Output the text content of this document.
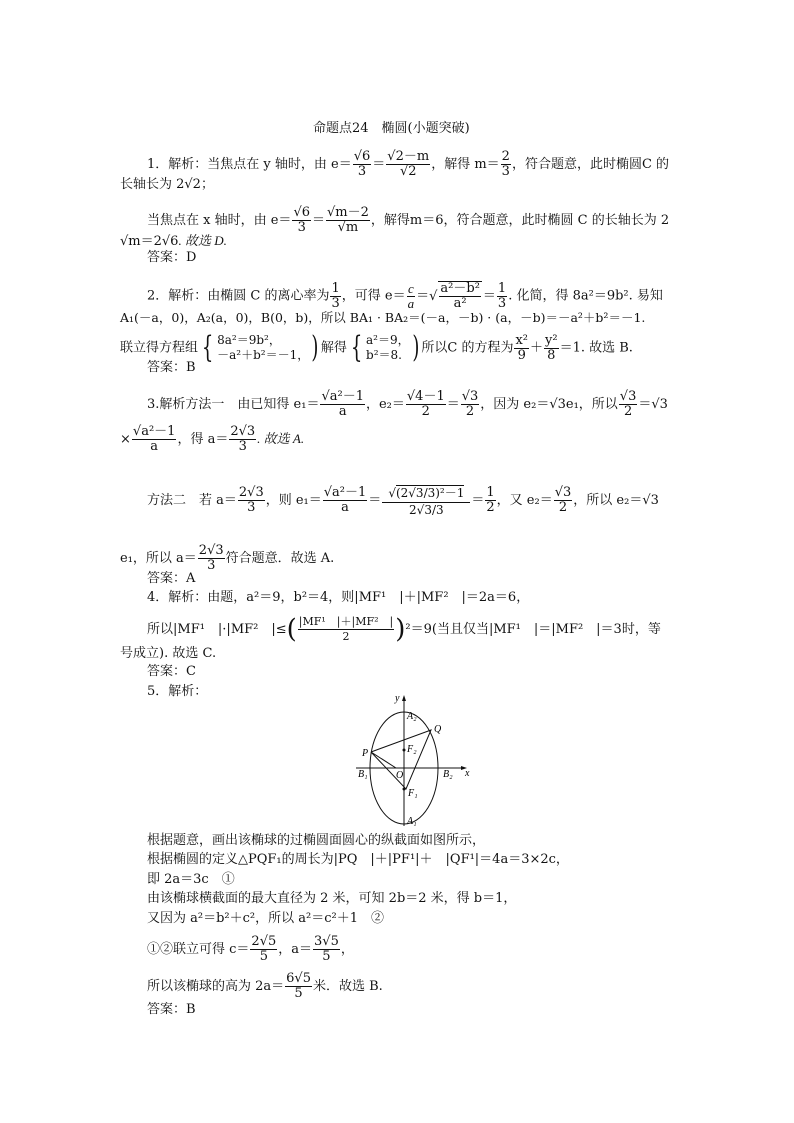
命题点24　椭圆(小题突破)
1．解析：当焦点在 y 轴时，由 $e= \frac{√6}{3} = \frac{√2-m}{√2}$ ，解得 $m= \frac{2}{3}$ ，符合题意，此时椭圆C 的
长轴长为 2√2；
当焦点在 x 轴时，由 $e= \frac{√6}{3} = \frac{√m-2}{√m}$ ，解得m＝6，符合题意，此时椭圆 C 的长轴长为 2
√m＝2√6. 故选 D.
答案：D
2．解析：由椭圆 C 的离心率为 $\frac{1}{3}$ ，可得 $e= \frac{c}{a}$ ＝√ $\frac{\text{a²－b²}}{\text{a²}} = \frac{1}{3}$ . 化简，得 8a²＝9b². 易知
A₁(－a，0)，A₂(a，0)，B(0，b)，所以 BA₁ · BA₂＝(－a，－b) · (a，－b)＝－a²＋b²＝－1.
联立得方程组 { 8a²＝9b²，
－a²＋b²＝－1， ) 解得 { a²＝9，
b²＝8. ) 所以C 的方程为 $\frac{\text{x²}}{9} + \frac{\text{y²}}{8} =1$. 故选 B.
答案：B
3.解析方法一　由已知得 $e_1= \frac{\text{√a²－1}}{a}$ ，$e_2= \frac{√4-1}{2} = \frac{√3}{2}$ ，因为 e₂＝√3e₁，所以 $\frac{√3}{2} =√3$
× $\frac{\text{√a²－1}}{a}$ ，得 $a= \frac{2√3}{3}$ . 故选 A.
方法二　若 $a= \frac{2√3}{3}$ ，则 $e_1= \frac{\text{√a²－1}}{a} = \frac{\text{√(2√3/3)²－1}}{2√3/3} = \frac{1}{2}$ ，又 $e_2= \frac{√3}{2}$ ，所以 e₂＝√3
e₁，所以 $a= \frac{2√3}{3}$ 符合题意．故选 A.
答案：A
4．解析：由题，a²＝9，b²＝4，则|MF¹　|＋|MF²　|＝2a＝6，
所以|MF¹　|·|MF²　|≤( $\frac{\text{|MF¹　|＋|MF²　|}}{2} )^2=9$(当且仅当|MF¹　|＝|MF²　|＝3时，等
号成立). 故选 C.
答案：C
5．解析：	y
x
A₂
A₁
Q
P	F₂
F₁
B₁	B₂
O
根据题意，画出该椭球的过椭圆面圆心的纵截面如图所示，
根据椭圆的定义△PQF₁的周长为|PQ　|＋|PF¹|＋　|QF¹|＝4a＝3×2c，
即 2a＝3c　①
由该椭球横截面的最大直径为 2 米，可知 2b＝2 米，得 b＝1，
又因为 a²＝b²＋c²，所以 a²＝c²＋1　②
①②联立可得 $c= \frac{2√5}{5}$ ，$a= \frac{3√5}{5}$ ，
所以该椭球的高为 $2a= \frac{6√5}{5}$ 米．故选 B.
答案：B
